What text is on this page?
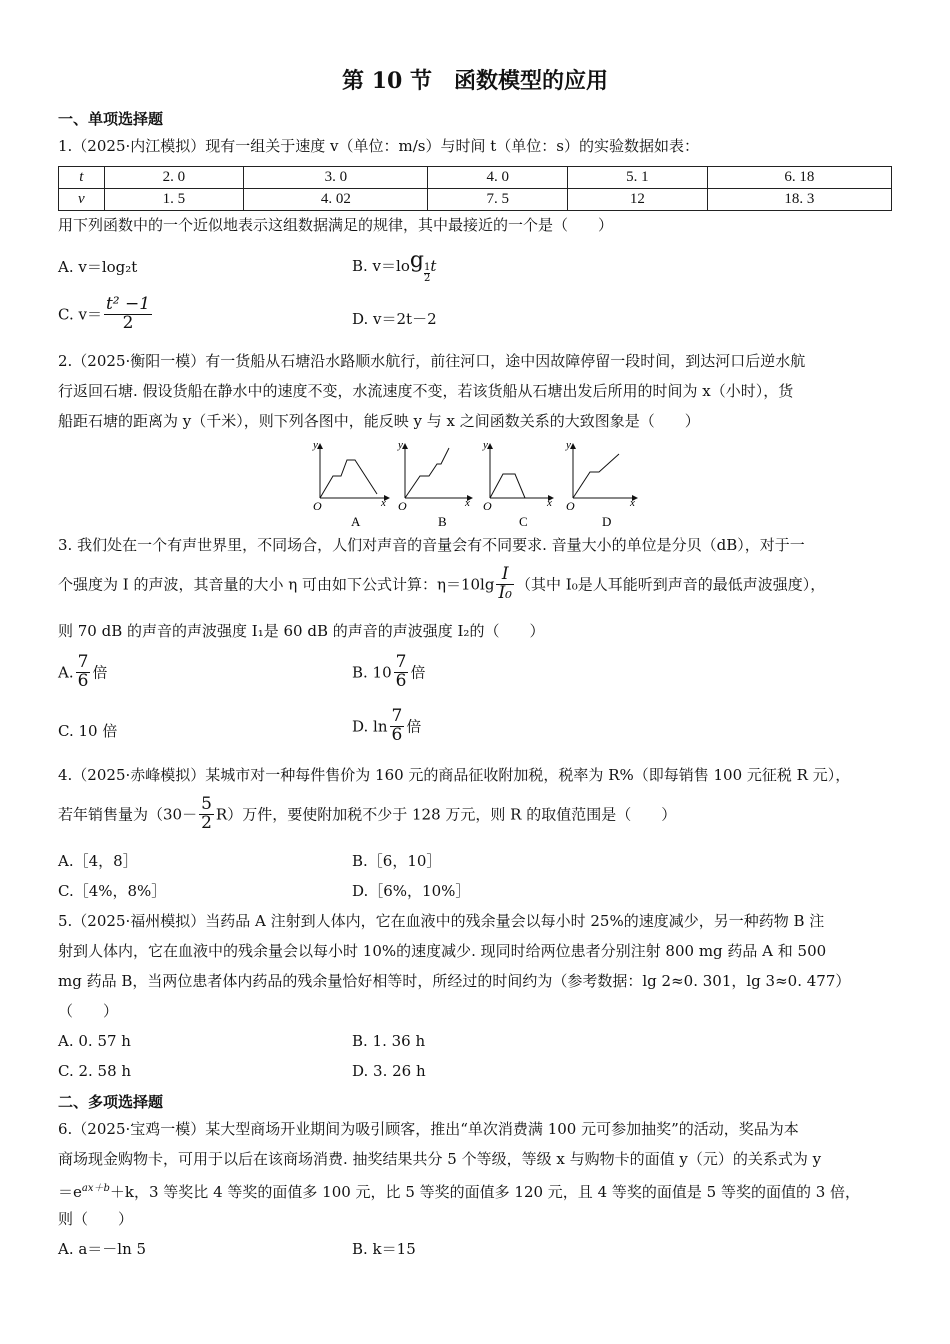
第 10 节　函数模型的应用
一、单项选择题
1.（2025·内江模拟）现有一组关于速度 v（单位：m/s）与时间 t（单位：s）的实验数据如表：
t	2. 0	3. 0	4. 0	5. 1	6. 18
v	1. 5	4. 02	7. 5	12	18. 3
用下列函数中的一个近似地表示这组数据满足的规律，其中最接近的一个是（　　）
A. v＝log₂t	B. v＝log
$\frac{1}{2}$ t
C. $v= \frac{\text{t² −1}}{2}$	D. v＝2t－2
2.（2025·衡阳一模）有一货船从石塘沿水路顺水航行，前往河口，途中因故障停留一段时间，到达河口后逆水航
行返回石塘. 假设货船在静水中的速度不变，水流速度不变，若该货船从石塘出发后所用的时间为 x（小时），货
船距石塘的距离为 y（千米），则下列各图中，能反映 y 与 x 之间函数关系的大致图象是（　　）
y
O	x
A
y
O	x
B
y
O	x
C
y
O	x
D
3. 我们处在一个有声世界里，不同场合，人们对声音的音量会有不同要求. 音量大小的单位是分贝（dB），对于一
个强度为 I 的声波，其音量的大小 η 可由如下公式计算：$\eta=10\lg \frac{I}{\text{I₀}}$ （其中 I₀是人耳能听到声音的最低声波强度），
则 70 dB 的声音的声波强度 I₁是 60 dB 的声音的声波强度 I₂的（　　）
A. $\frac{7}{6}$ 倍	B. $10 \frac{7}{6}$ 倍
C. 10 倍	D. $\ln \frac{7}{6}$ 倍
4.（2025·赤峰模拟）某城市对一种每件售价为 160 元的商品征收附加税，税率为 R%（即每销售 100 元征税 R 元），
若年销售量为$(30- \frac{5}{2} R)$万件，要使附加税不少于 128 万元，则 R 的取值范围是（　　）
A.［4，8］	B.［6，10］
C.［4%，8%］	D.［6%，10%］
5.（2025·福州模拟）当药品 A 注射到人体内，它在血液中的残余量会以每小时 25%的速度减少，另一种药物 B 注
射到人体内，它在血液中的残余量会以每小时 10%的速度减少. 现同时给两位患者分别注射 800 mg 药品 A 和 500
mg 药品 B，当两位患者体内药品的残余量恰好相等时，所经过的时间约为（参考数据：lg 2≈0. 301，lg 3≈0. 477）
（　　）
A. 0. 57 h	B. 1. 36 h
C. 2. 58 h	D. 3. 26 h
二、多项选择题
6.（2025·宝鸡一模）某大型商场开业期间为吸引顾客，推出“单次消费满 100 元可参加抽奖”的活动，奖品为本
商场现金购物卡，可用于以后在该商场消费. 抽奖结果共分 5 个等级，等级 x 与购物卡的面值 y（元）的关系式为 y
$=e^{ax+b}+k$，3 等奖比 4 等奖的面值多 100 元，比 5 等奖的面值多 120 元，且 4 等奖的面值是 5 等奖的面值的 3 倍，
则（　　）
A. a＝－ln 5	B. k＝15
